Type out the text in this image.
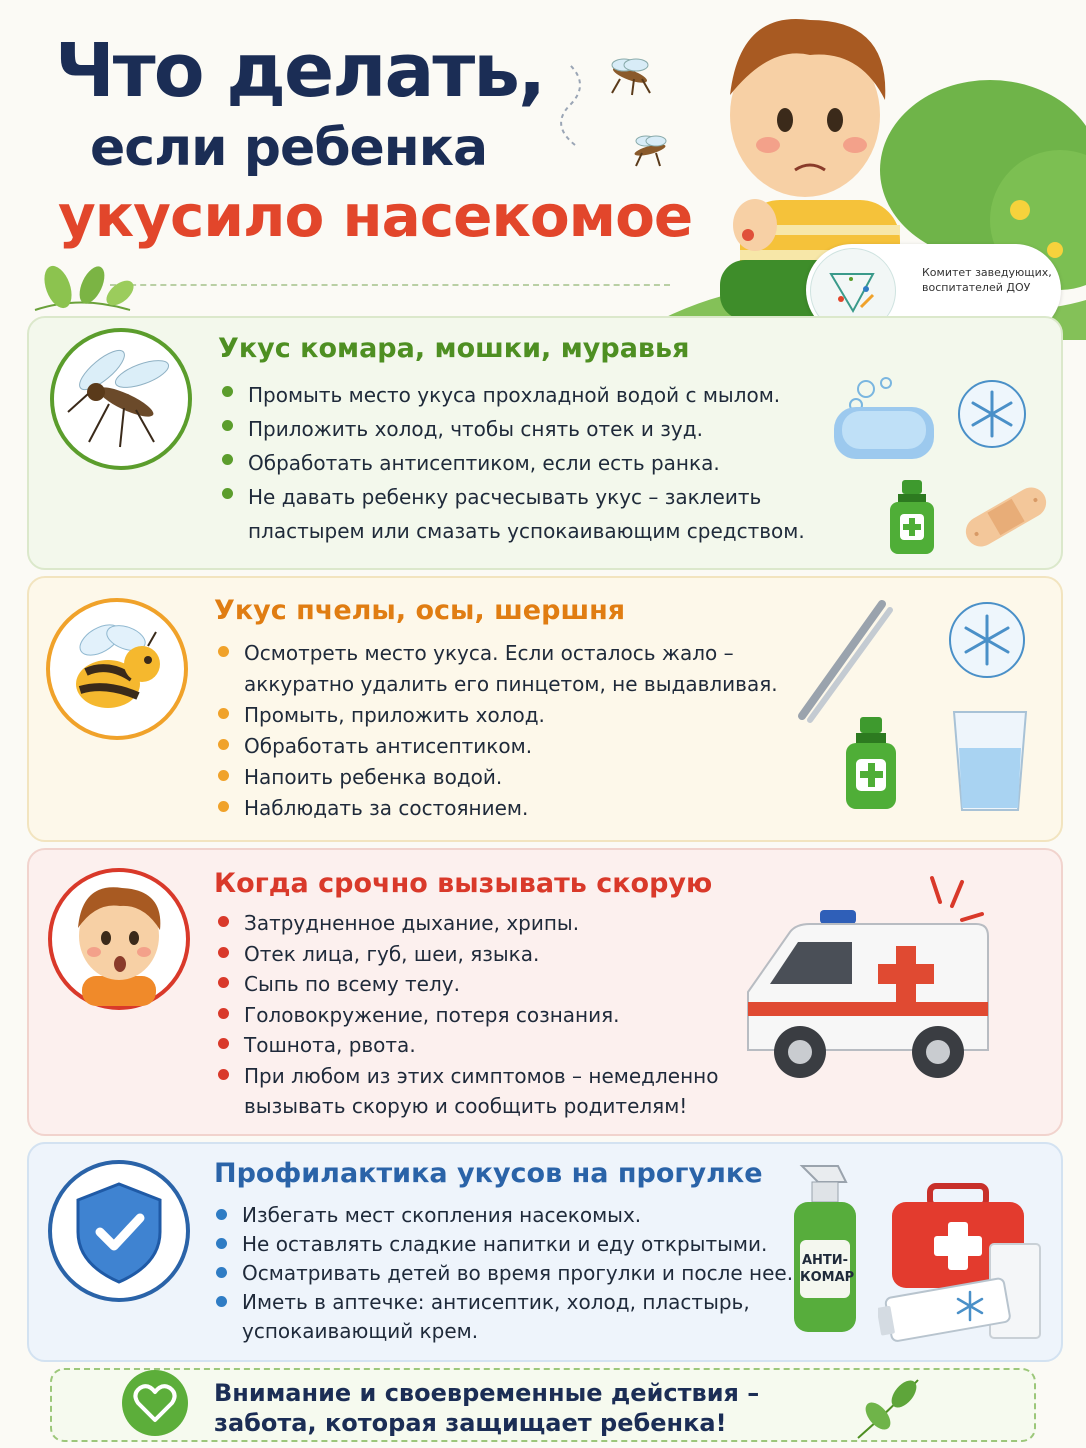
Что делать,
если ребенка
укусило насекомое
Комитет заведующих, воспитателей ДОУ
Укус комара, мошки, муравья
Промыть место укуса прохладной водой с мылом.
Приложить холод, чтобы снять отек и зуд.
Обработать антисептиком, если есть ранка.
Не давать ребенку расчесывать укус – заклеить
пластырем или смазать успокаивающим средством.
Укус пчелы, осы, шершня
Осмотреть место укуса. Если осталось жало –
аккуратно удалить его пинцетом, не выдавливая.
Промыть, приложить холод.
Обработать антисептиком.
Напоить ребенка водой.
Наблюдать за состоянием.
Когда срочно вызывать скорую
Затрудненное дыхание, хрипы.
Отек лица, губ, шеи, языка.
Сыпь по всему телу.
Головокружение, потеря сознания.
Тошнота, рвота.
При любом из этих симптомов – немедленно
вызывать скорую и сообщить родителям!
Профилактика укусов на прогулке
Избегать мест скопления насекомых.
Не оставлять сладкие напитки и еду открытыми.
Осматривать детей во время прогулки и после нее.
Иметь в аптечке: антисептик, холод, пластырь,
успокаивающий крем.
АНТИ-
КОМАР
Внимание и своевременные действия –
забота, которая защищает ребенка!
